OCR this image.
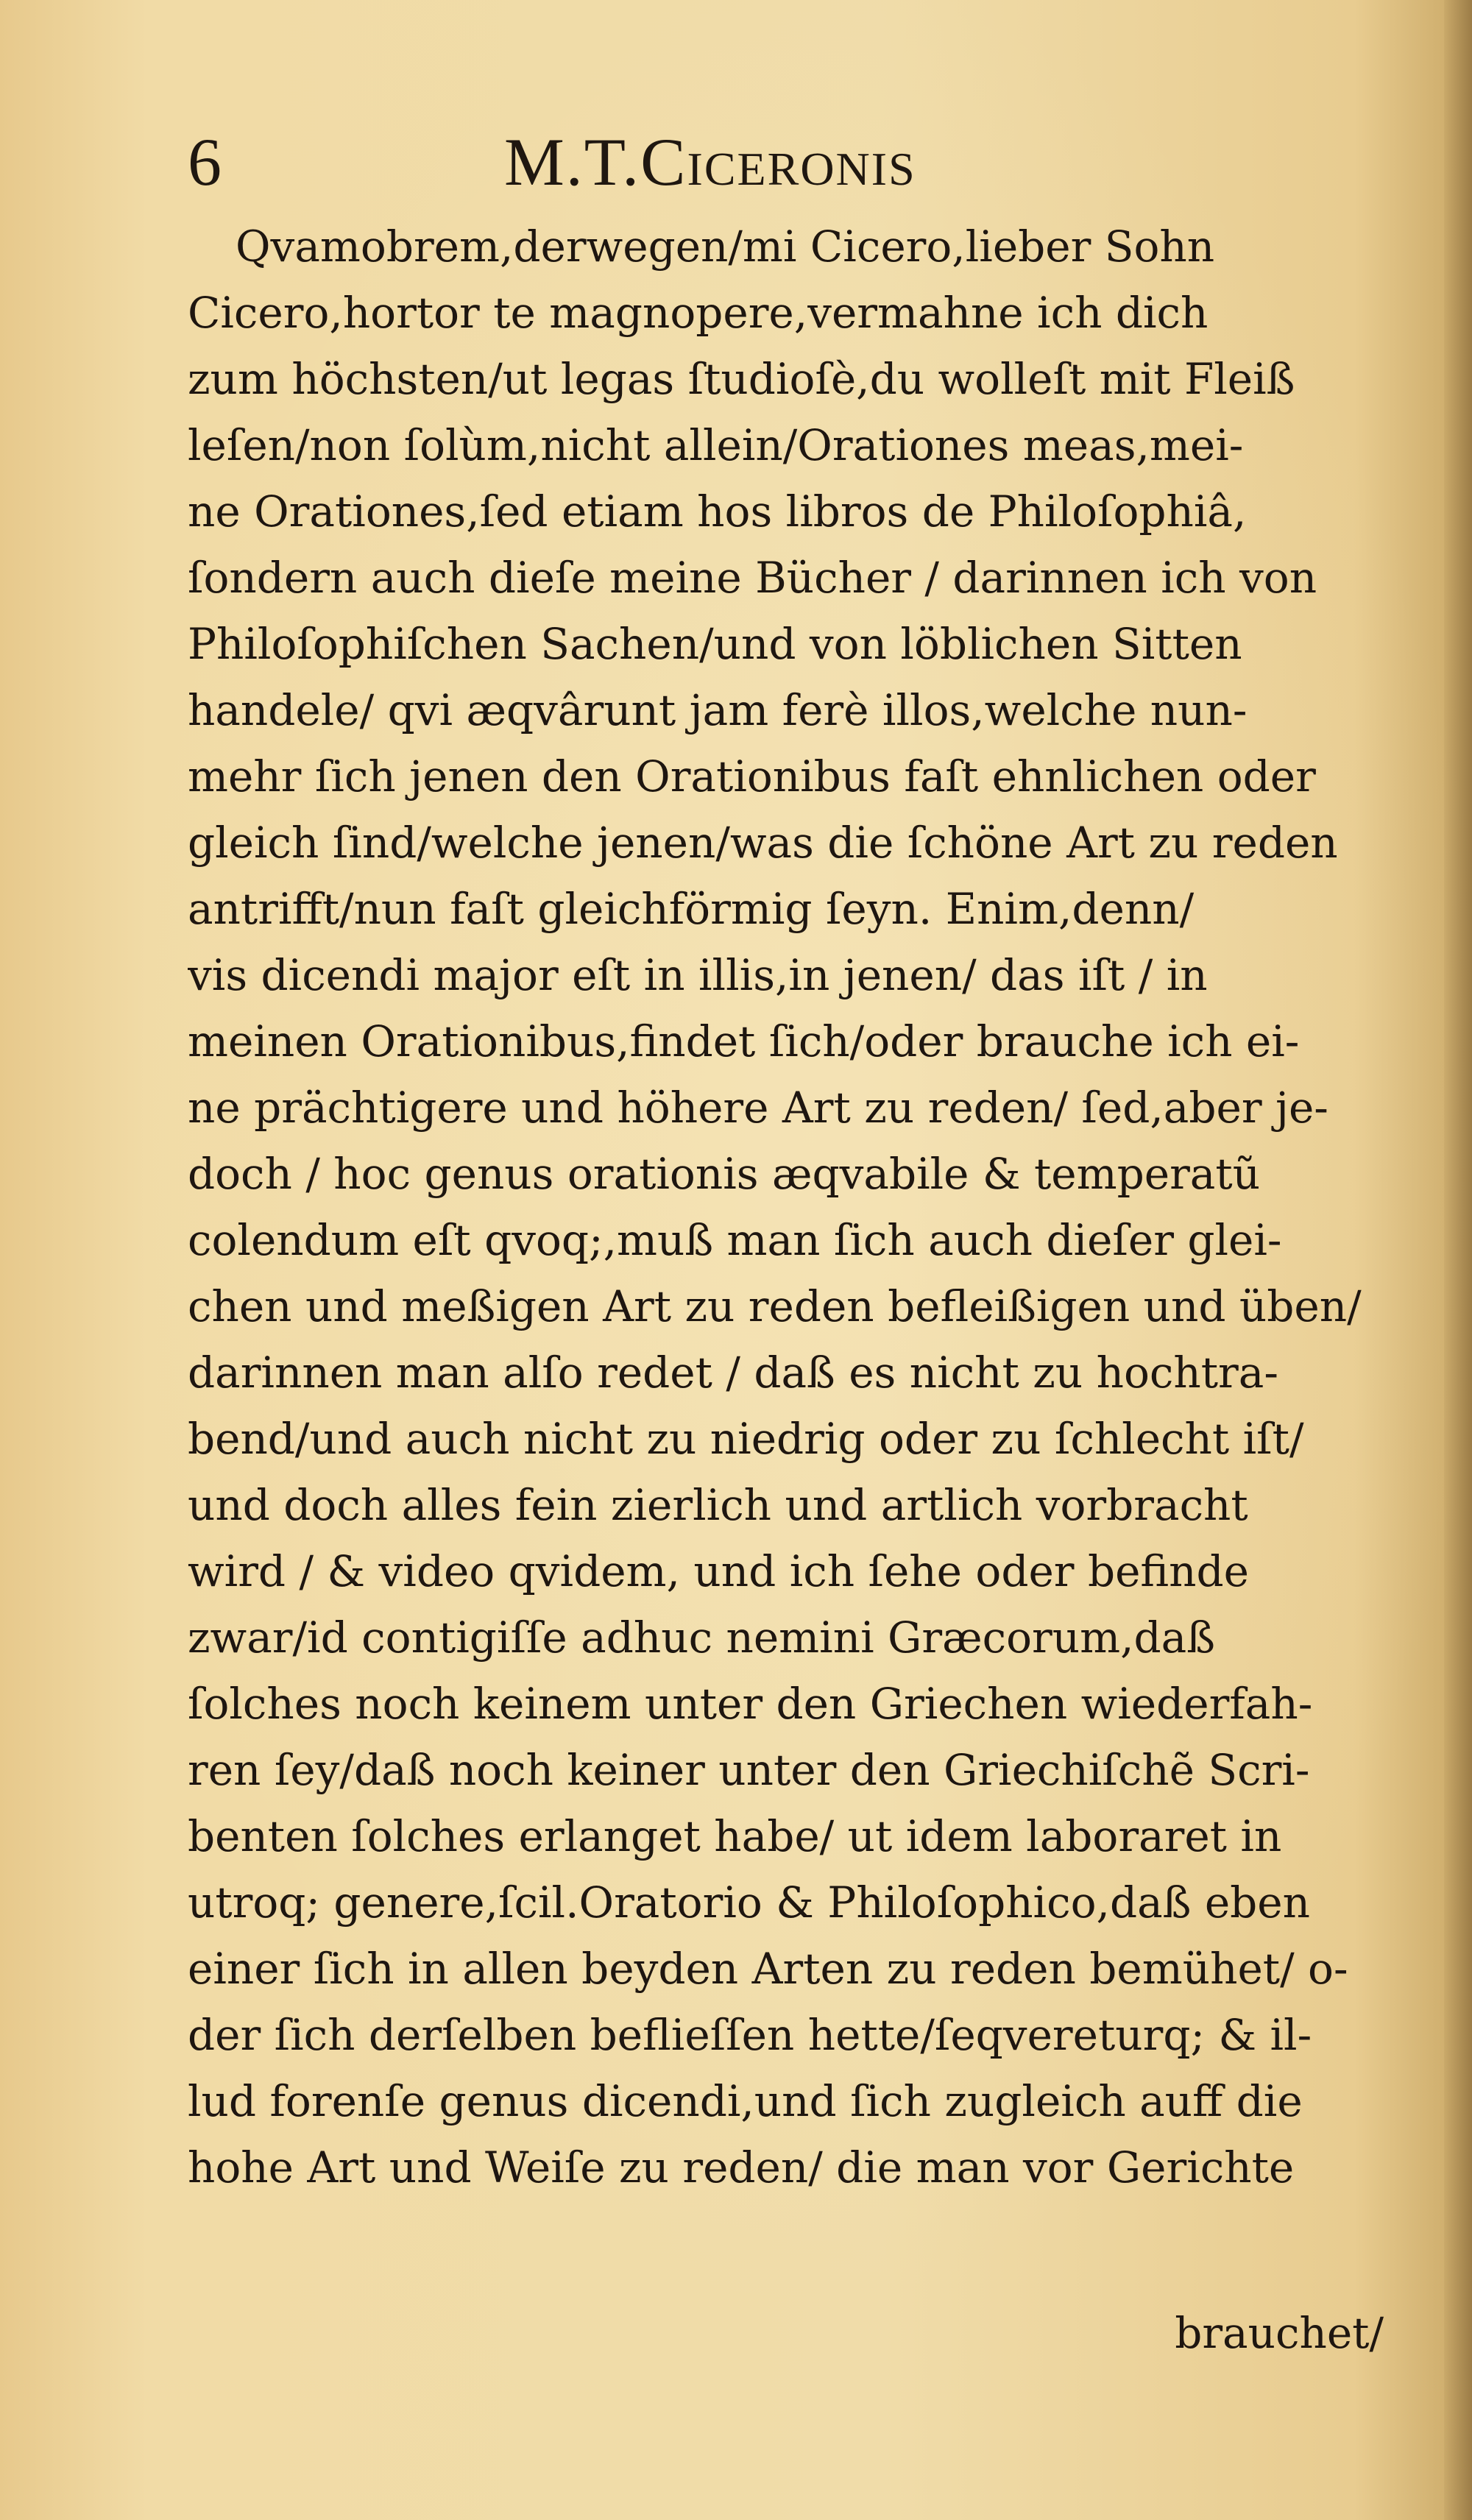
6	M.T.Ciceronis
Qvamobrem,derwegen/mi Cicero,lieber Sohn
Cicero,hortor te magnopere,vermahne ich dich
zum höchsten/ut legas ſtudioſè,du wolleſt mit Fleiß
leſen/non ſolùm,nicht allein/Orationes meas,mei-
ne Orationes,ſed etiam hos libros de Philoſophiâ,
ſondern auch dieſe meine Bücher / darinnen ich von
Philoſophiſchen Sachen/und von löblichen Sitten
handele/ qvi æqvârunt jam ferè illos,welche nun-
mehr ſich jenen den Orationibus faſt ehnlichen oder
gleich ſind/welche jenen/was die ſchöne Art zu reden
antrifft/nun faſt gleichförmig ſeyn. Enim,denn/
vis dicendi major eſt in illis,in jenen/ das iſt / in
meinen Orationibus,findet ſich/oder brauche ich ei-
ne prächtigere und höhere Art zu reden/ ſed,aber je-
doch / hoc genus orationis æqvabile & temperatũ
colendum eſt qvoq;,muß man ſich auch dieſer glei-
chen und meßigen Art zu reden befleißigen und üben/
darinnen man alſo redet / daß es nicht zu hochtra-
bend/und auch nicht zu niedrig oder zu ſchlecht iſt/
und doch alles fein zierlich und artlich vorbracht
wird / & video qvidem, und ich ſehe oder befinde
zwar/id contigiſſe adhuc nemini Græcorum,daß
ſolches noch keinem unter den Griechen wiederfah-
ren ſey/daß noch keiner unter den Griechiſchẽ Scri-
benten ſolches erlanget habe/ ut idem laboraret in
utroq; genere,ſcil.Oratorio & Philoſophico,daß eben
einer ſich in allen beyden Arten zu reden bemühet/ o-
der ſich derſelben beflieſſen hette/ſeqvereturq; & il-
lud forenſe genus dicendi,und ſich zugleich auff die
hohe Art und Weiſe zu reden/ die man vor Gerichte
brauchet/
